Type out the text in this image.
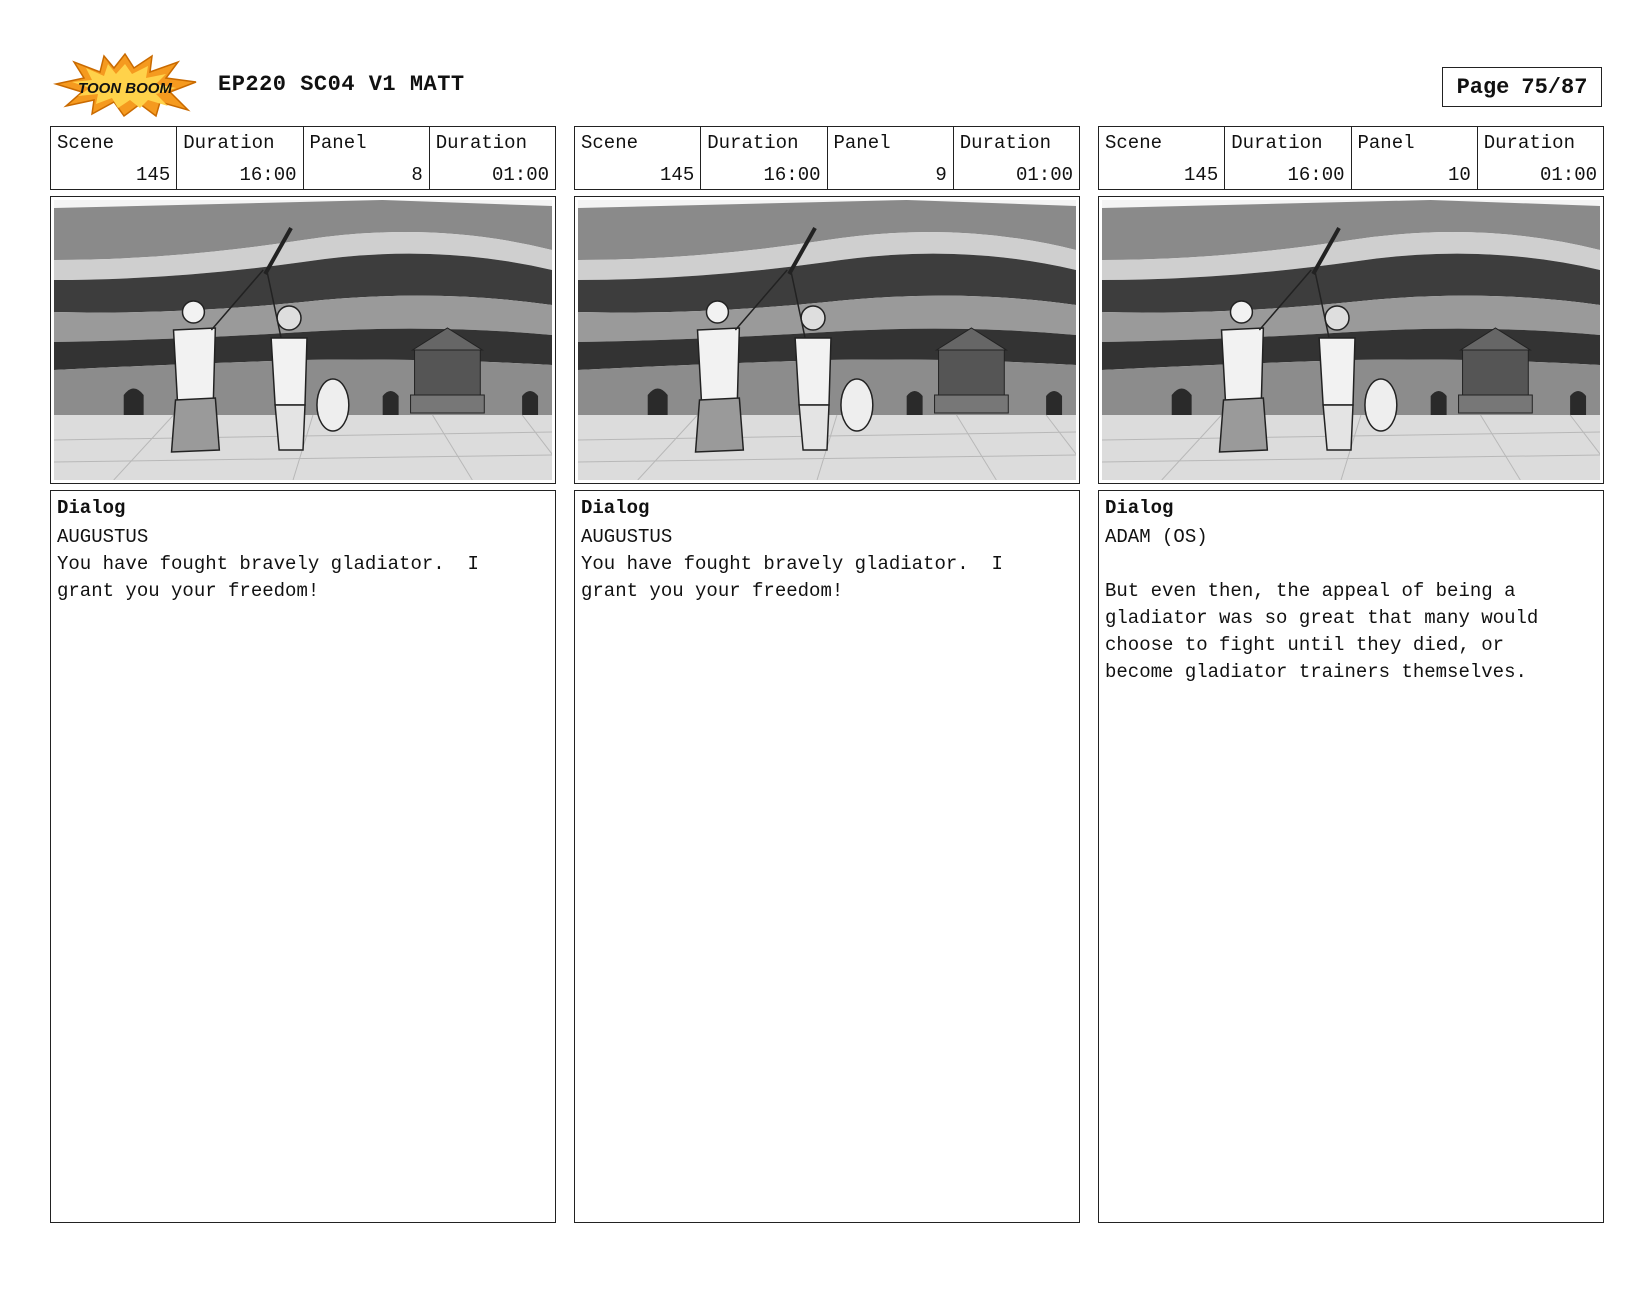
TOON BOOM EP220 SC04 V1 MATT	Page 75/87
Scene
145
Duration
16:00
Panel
8
Duration
01:00
Dialog
AUGUSTUS
You have fought bravely gladiator.  I
grant you your freedom!
Scene
145
Duration
16:00
Panel
9
Duration
01:00
Dialog
AUGUSTUS
You have fought bravely gladiator.  I
grant you your freedom!
Scene
145
Duration
16:00
Panel
10
Duration
01:00
Dialog
ADAM (OS)

But even then, the appeal of being a
gladiator was so great that many would
choose to fight until they died, or
become gladiator trainers themselves.
